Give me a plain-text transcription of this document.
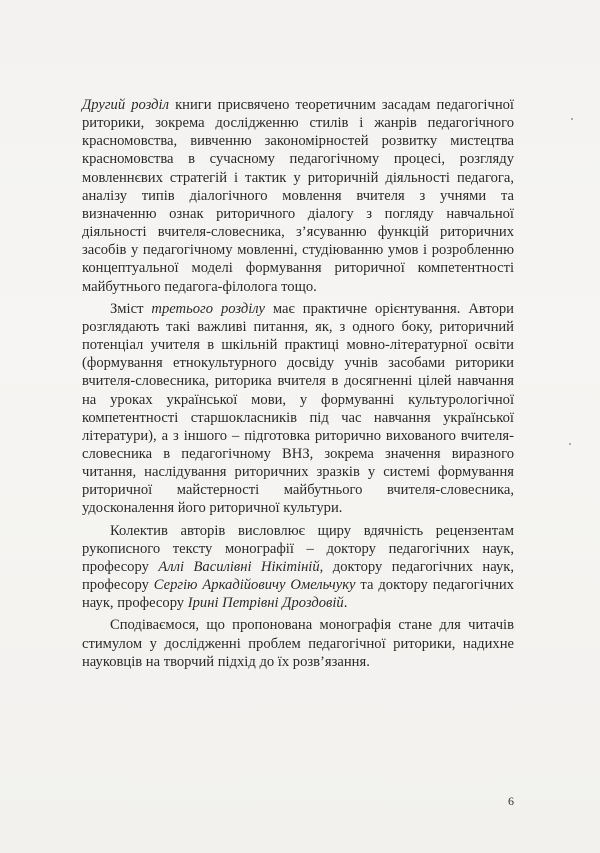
Другий розділ книги присвячено теоретичним засадам педагогічної риторики, зокрема дослідженню стилів і жанрів педагогічного красномовства, вивченню закономірностей розвитку мистецтва красномовства в сучасному педагогічному процесі, розгляду мовленнєвих стратегій і тактик у риторичній діяльності педагога, аналізу типів діалогічного мовлення вчителя з учнями та визначенню ознак риторичного діалогу з погляду навчальної діяльності вчителя-словесника, з’ясуванню функцій риторичних засобів у педагогічному мовленні, студіюванню умов і розробленню концептуальної моделі формування риторичної компетентності майбутнього педагога-філолога тощо.

Зміст третього розділу має практичне орієнтування. Автори розглядають такі важливі питання, як, з одного боку, риторичний потенціал учителя в шкільній практиці мовно-літературної освіти (формування етнокультурного досвіду учнів засобами риторики вчителя-словесника, риторика вчителя в досягненні цілей навчання на уроках української мови, у формуванні культурологічної компетентності старшокласників під час навчання української літератури), а з іншого – підготовка риторично вихованого вчителя-словесника в педагогічному ВНЗ, зокрема значення виразного читання, наслідування риторичних зразків у системі формування риторичної майстерності майбутнього вчителя-словесника, удосконалення його риторичної культури.

Колектив авторів висловлює щиру вдячність рецензентам рукописного тексту монографії – доктору педагогічних наук, професору Аллі Василівні Нікітіній, доктору педагогічних наук, професору Сергію Аркадійовичу Омельчуку та доктору педагогічних наук, професору Ірині Петрівні Дроздовій.

Сподіваємося, що пропонована монографія стане для читачів стимулом у дослідженні проблем педагогічної риторики, надихне науковців на творчий підхід до їх розв’язання.

6
